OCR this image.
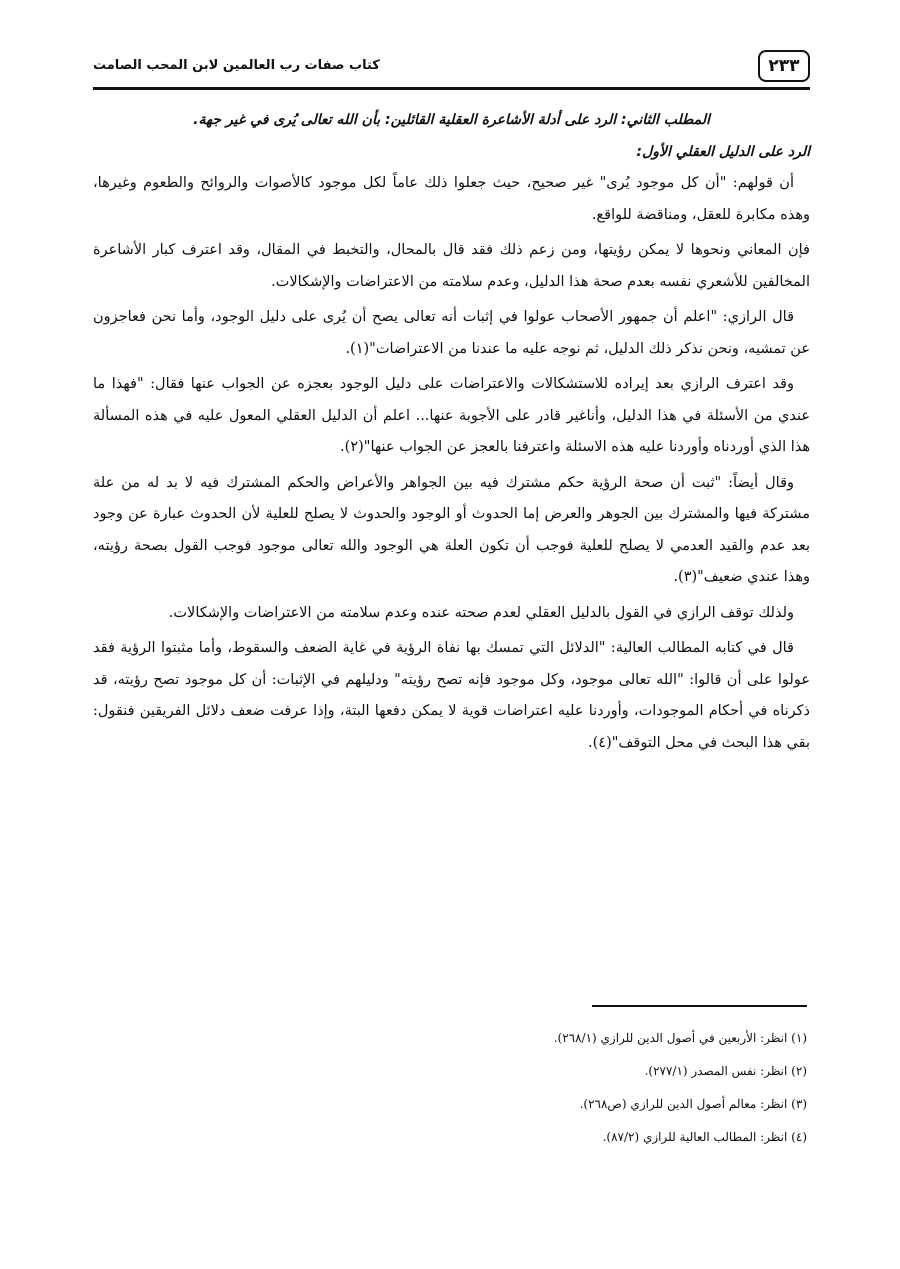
٢٣٣
كتاب صفات رب العالمين لابن المحب الصامت

المطلب الثاني: الرد على أدلة الأشاعرة العقلية القائلين: بأن الله تعالى يُرى في غير جهة.

الرد على الدليل العقلي الأول:

أن قولهم: "أن كل موجود يُرى" غير صحيح، حيث جعلوا ذلك عاماً لكل موجود كالأصوات والروائح والطعوم وغيرها، وهذه مكابرة للعقل، ومناقضة للواقع.

فإن المعاني ونحوها لا يمكن رؤيتها، ومن زعم ذلك فقد قال بالمحال، والتخبط في المقال، وقد اعترف كبار الأشاعرة المخالفين للأشعري نفسه بعدم صحة هذا الدليل، وعدم سلامته من الاعتراضات والإشكالات.

قال الرازي: "اعلم أن جمهور الأصحاب عولوا في إثبات أنه تعالى يصح أن يُرى على دليل الوجود، وأما نحن فعاجزون عن تمشيه، ونحن نذكر ذلك الدليل، ثم نوجه عليه ما عندنا من الاعتراضات"(١).

وقد اعترف الرازي بعد إيراده للاستشكالات والاعتراضات على دليل الوجود بعجزه عن الجواب عنها فقال: "فهذا ما عندي من الأسئلة في هذا الدليل، وأناغير قادر على الأجوبة عنها... اعلم أن الدليل العقلي المعول عليه في هذه المسألة هذا الذي أوردناه وأوردنا عليه هذه الاسئلة واعترفنا بالعجز عن الجواب عنها"(٢).

وقال أيضاً: "ثبت أن صحة الرؤية حكم مشترك فيه بين الجواهر والأعراض والحكم المشترك فيه لا بد له من علة مشتركة فيها والمشترك بين الجوهر والعرض إما الحدوث أو الوجود والحدوث لا يصلح للعلية لأن الحدوث عبارة عن وجود بعد عدم والقيد العدمي لا يصلح للعلية فوجب أن تكون العلة هي الوجود والله تعالى موجود فوجب القول بصحة رؤيته، وهذا عندي ضعيف"(٣).

ولذلك توقف الرازي في القول بالدليل العقلي لعدم صحته عنده وعدم سلامته من الاعتراضات والإشكالات.

قال في كتابه المطالب العالية: "الدلائل التي تمسك بها نفاة الرؤية في غاية الضعف والسقوط، وأما مثبتوا الرؤية فقد عولوا على أن قالوا: "الله تعالى موجود، وكل موجود فإنه تصح رؤيته" ودليلهم في الإثبات: أن كل موجود تصح رؤيته، قد ذكرناه في أحكام الموجودات، وأوردنا عليه اعتراضات قوية لا يمكن دفعها البتة، وإذا عرفت ضعف دلائل الفريقين فنقول: بقي هذا البحث في محل التوقف"(٤).

(١) انظر: الأربعين في أصول الدين للرازي (٢٦٨/١).

(٢) انظر: نفس المصدر (٢٧٧/١).

(٣) انظر: معالم أصول الدين للرازي (ص٢٦٨).

(٤) انظر: المطالب العالية للرازي (٨٧/٢).
